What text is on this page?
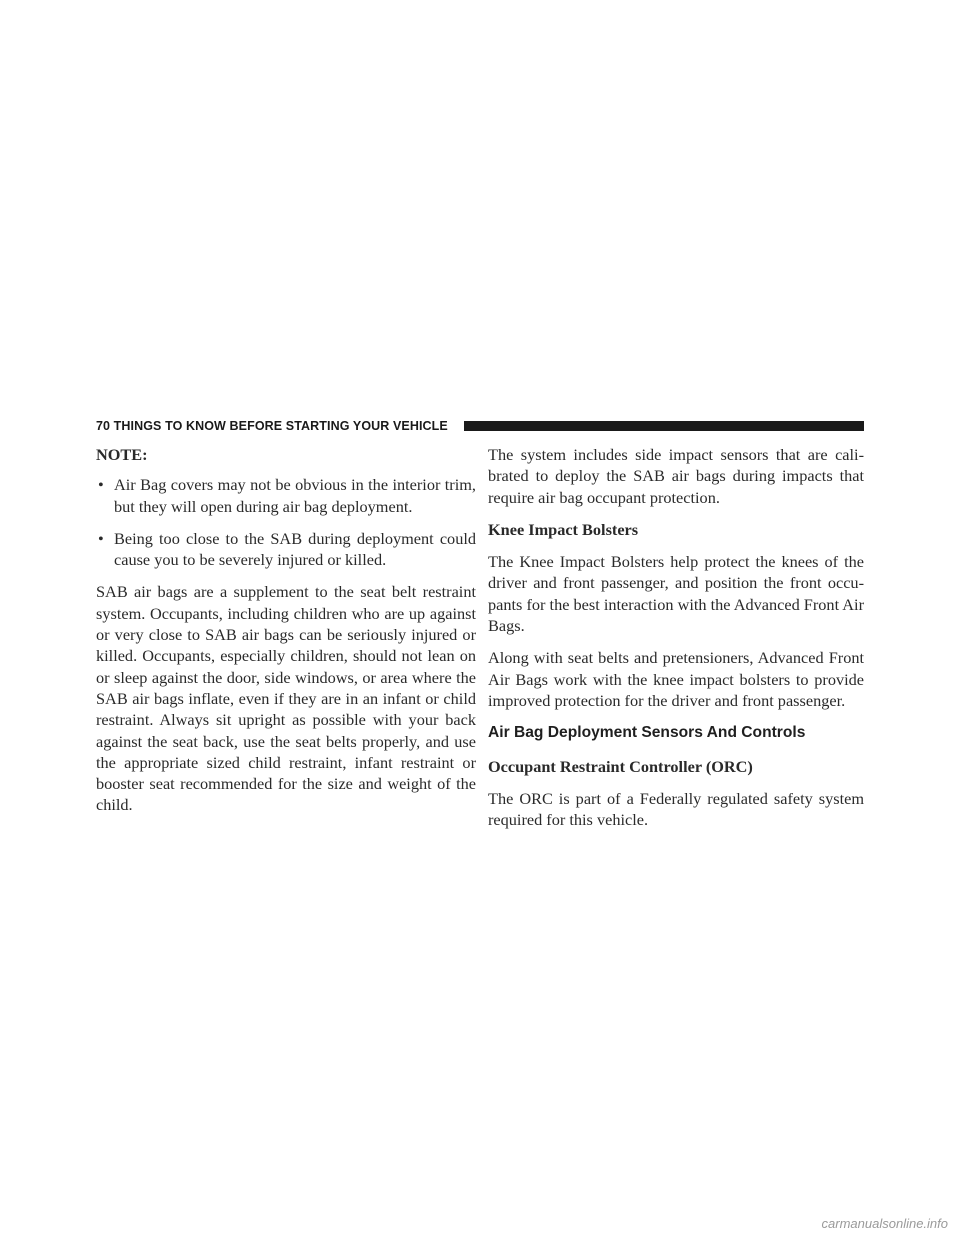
70 THINGS TO KNOW BEFORE STARTING YOUR VEHICLE

NOTE:

• Air Bag covers may not be obvious in the interior trim, but they will open during air bag deployment.
• Being too close to the SAB during deployment could cause you to be severely injured or killed.

SAB air bags are a supplement to the seat belt restraint system. Occupants, including children who are up against or very close to SAB air bags can be seriously injured or killed. Occupants, especially children, should not lean on or sleep against the door, side windows, or area where the SAB air bags inflate, even if they are in an infant or child restraint. Always sit upright as possible with your back against the seat back, use the seat belts properly, and use the appropriate sized child restraint, infant restraint or booster seat recommended for the size and weight of the child.

The system includes side impact sensors that are cali-brated to deploy the SAB air bags during impacts that require air bag occupant protection.

Knee Impact Bolsters

The Knee Impact Bolsters help protect the knees of the driver and front passenger, and position the front occu-pants for the best interaction with the Advanced Front Air Bags.

Along with seat belts and pretensioners, Advanced Front Air Bags work with the knee impact bolsters to provide improved protection for the driver and front passenger.

Air Bag Deployment Sensors And Controls

Occupant Restraint Controller (ORC)

The ORC is part of a Federally regulated safety system required for this vehicle.

carmanualsonline.info
